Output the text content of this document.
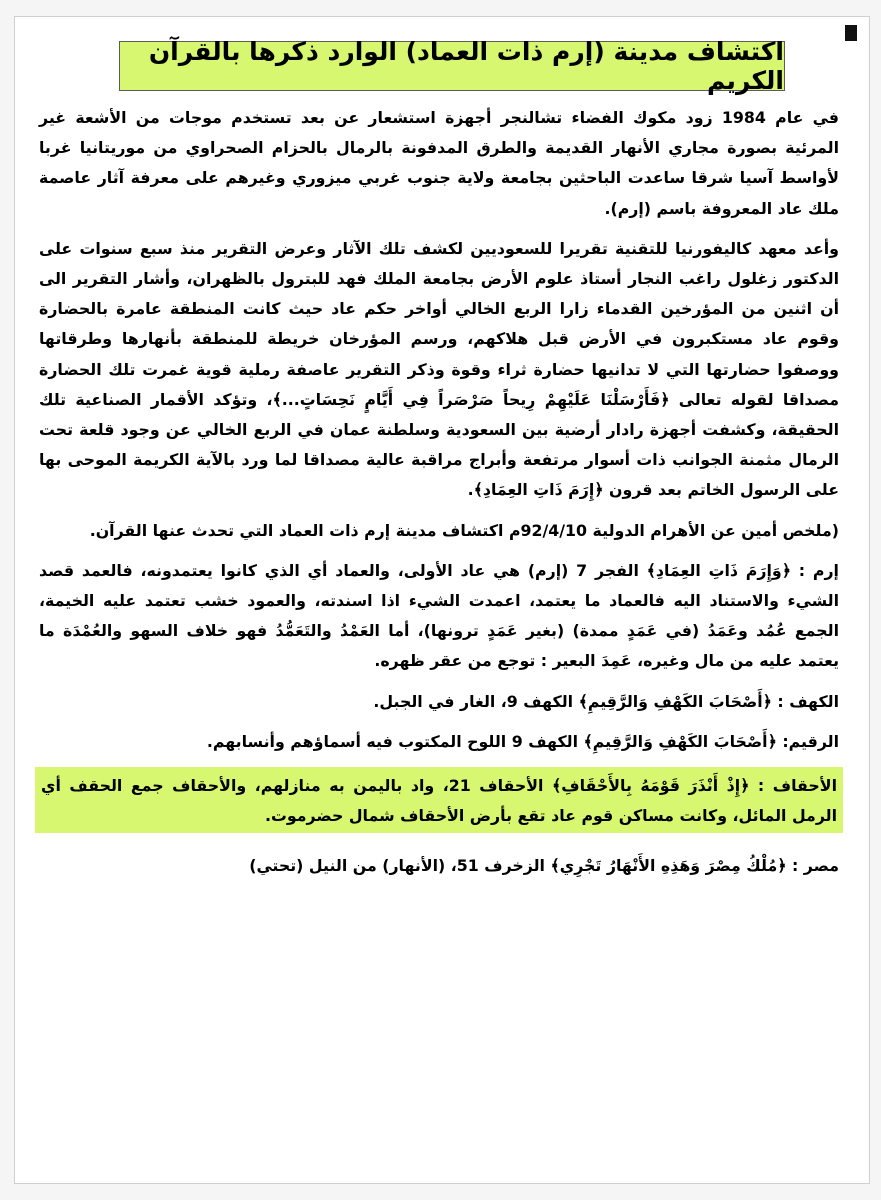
اكتشاف مدينة (إرم ذات العماد) الوارد ذكرها بالقرآن الكريم

في عام 1984 زود مكوك الفضاء تشالنجر أجهزة استشعار عن بعد تستخدم موجات من الأشعة غير المرئية بصورة مجاري الأنهار القديمة والطرق المدفونة بالرمال بالحزام الصحراوي من موريتانيا غربا لأواسط آسيا شرقا ساعدت الباحثين بجامعة ولاية جنوب غربي ميزوري وغيرهم على معرفة آثار عاصمة ملك عاد المعروفة باسم (إرم).

وأعد معهد كاليفورنيا للتقنية تقريرا للسعوديين لكشف تلك الآثار وعرض التقرير منذ سبع سنوات على الدكتور زغلول راغب النجار أستاذ علوم الأرض بجامعة الملك فهد للبترول بالظهران، وأشار التقرير الى أن اثنين من المؤرخين القدماء زارا الربع الخالي أواخر حكم عاد حيث كانت المنطقة عامرة بالحضارة وقوم عاد مستكبرون في الأرض قبل هلاكهم، ورسم المؤرخان خريطة للمنطقة بأنهارها وطرقاتها ووصفوا حضارتها التي لا تدانيها حضارة ثراء وقوة وذكر التقرير عاصفة رملية قوية غمرت تلك الحضارة مصداقا لقوله تعالى ﴿فَأَرْسَلْنَا عَلَيْهِمْ رِيحاً صَرْصَراً فِي أَيَّامٍ نَحِسَاتٍ...﴾، وتؤكد الأقمار الصناعية تلك الحقيقة، وكشفت أجهزة رادار أرضية بين السعودية وسلطنة عمان في الربع الخالي عن وجود قلعة تحت الرمال مثمنة الجوانب ذات أسوار مرتفعة وأبراج مراقبة عالية مصداقا لما ورد بالآية الكريمة الموحى بها على الرسول الخاتم بعد قرون ﴿إِرَمَ ذَاتِ العِمَادِ﴾.

(ملخص أمين عن الأهرام الدولية 92/4/10م اكتشاف مدينة إرم ذات العماد التي تحدث عنها القرآن.

إرم : ﴿وَإِرَمَ ذَاتِ العِمَادِ﴾ الفجر 7 (إرم) هي عاد الأولى، والعماد أي الذي كانوا يعتمدونه، فالعمد قصد الشيء والاستناد اليه فالعماد ما يعتمد، اعمدت الشيء اذا اسندته، والعمود خشب تعتمد عليه الخيمة، الجمع عُمُد وعَمَدُ (في عَمَدٍ ممدة) (بغير عَمَدٍ ترونها)، أما العَمْدُ والتَعَمُّدُ فهو خلاف السهو والعُمْدَة ما يعتمد عليه من مال وغيره، عَمِدَ البعير : توجع من عقر ظهره.

الكهف : ﴿أَصْحَابَ الكَهْفِ وَالرَّقِيمِ﴾ الكهف 9، الغار في الجبل.

الرقيم: ﴿أَصْحَابَ الكَهْفِ وَالرَّقِيمِ﴾ الكهف 9 اللوح المكتوب فيه أسماؤهم وأنسابهم.

الأحقاف : ﴿إِذْ أَنْذَرَ قَوْمَهُ بِالأَحْقَافِ﴾ الأحقاف 21، واد باليمن به منازلهم، والأحقاف جمع الحقف أي الرمل المائل، وكانت مساكن قوم عاد تقع بأرض الأحقاف شمال حضرموت.

مصر : ﴿مُلْكُ مِصْرَ وَهَذِهِ الأَنْهَارُ تَجْرِي﴾ الزخرف 51، (الأنهار) من النيل (تحتي)
